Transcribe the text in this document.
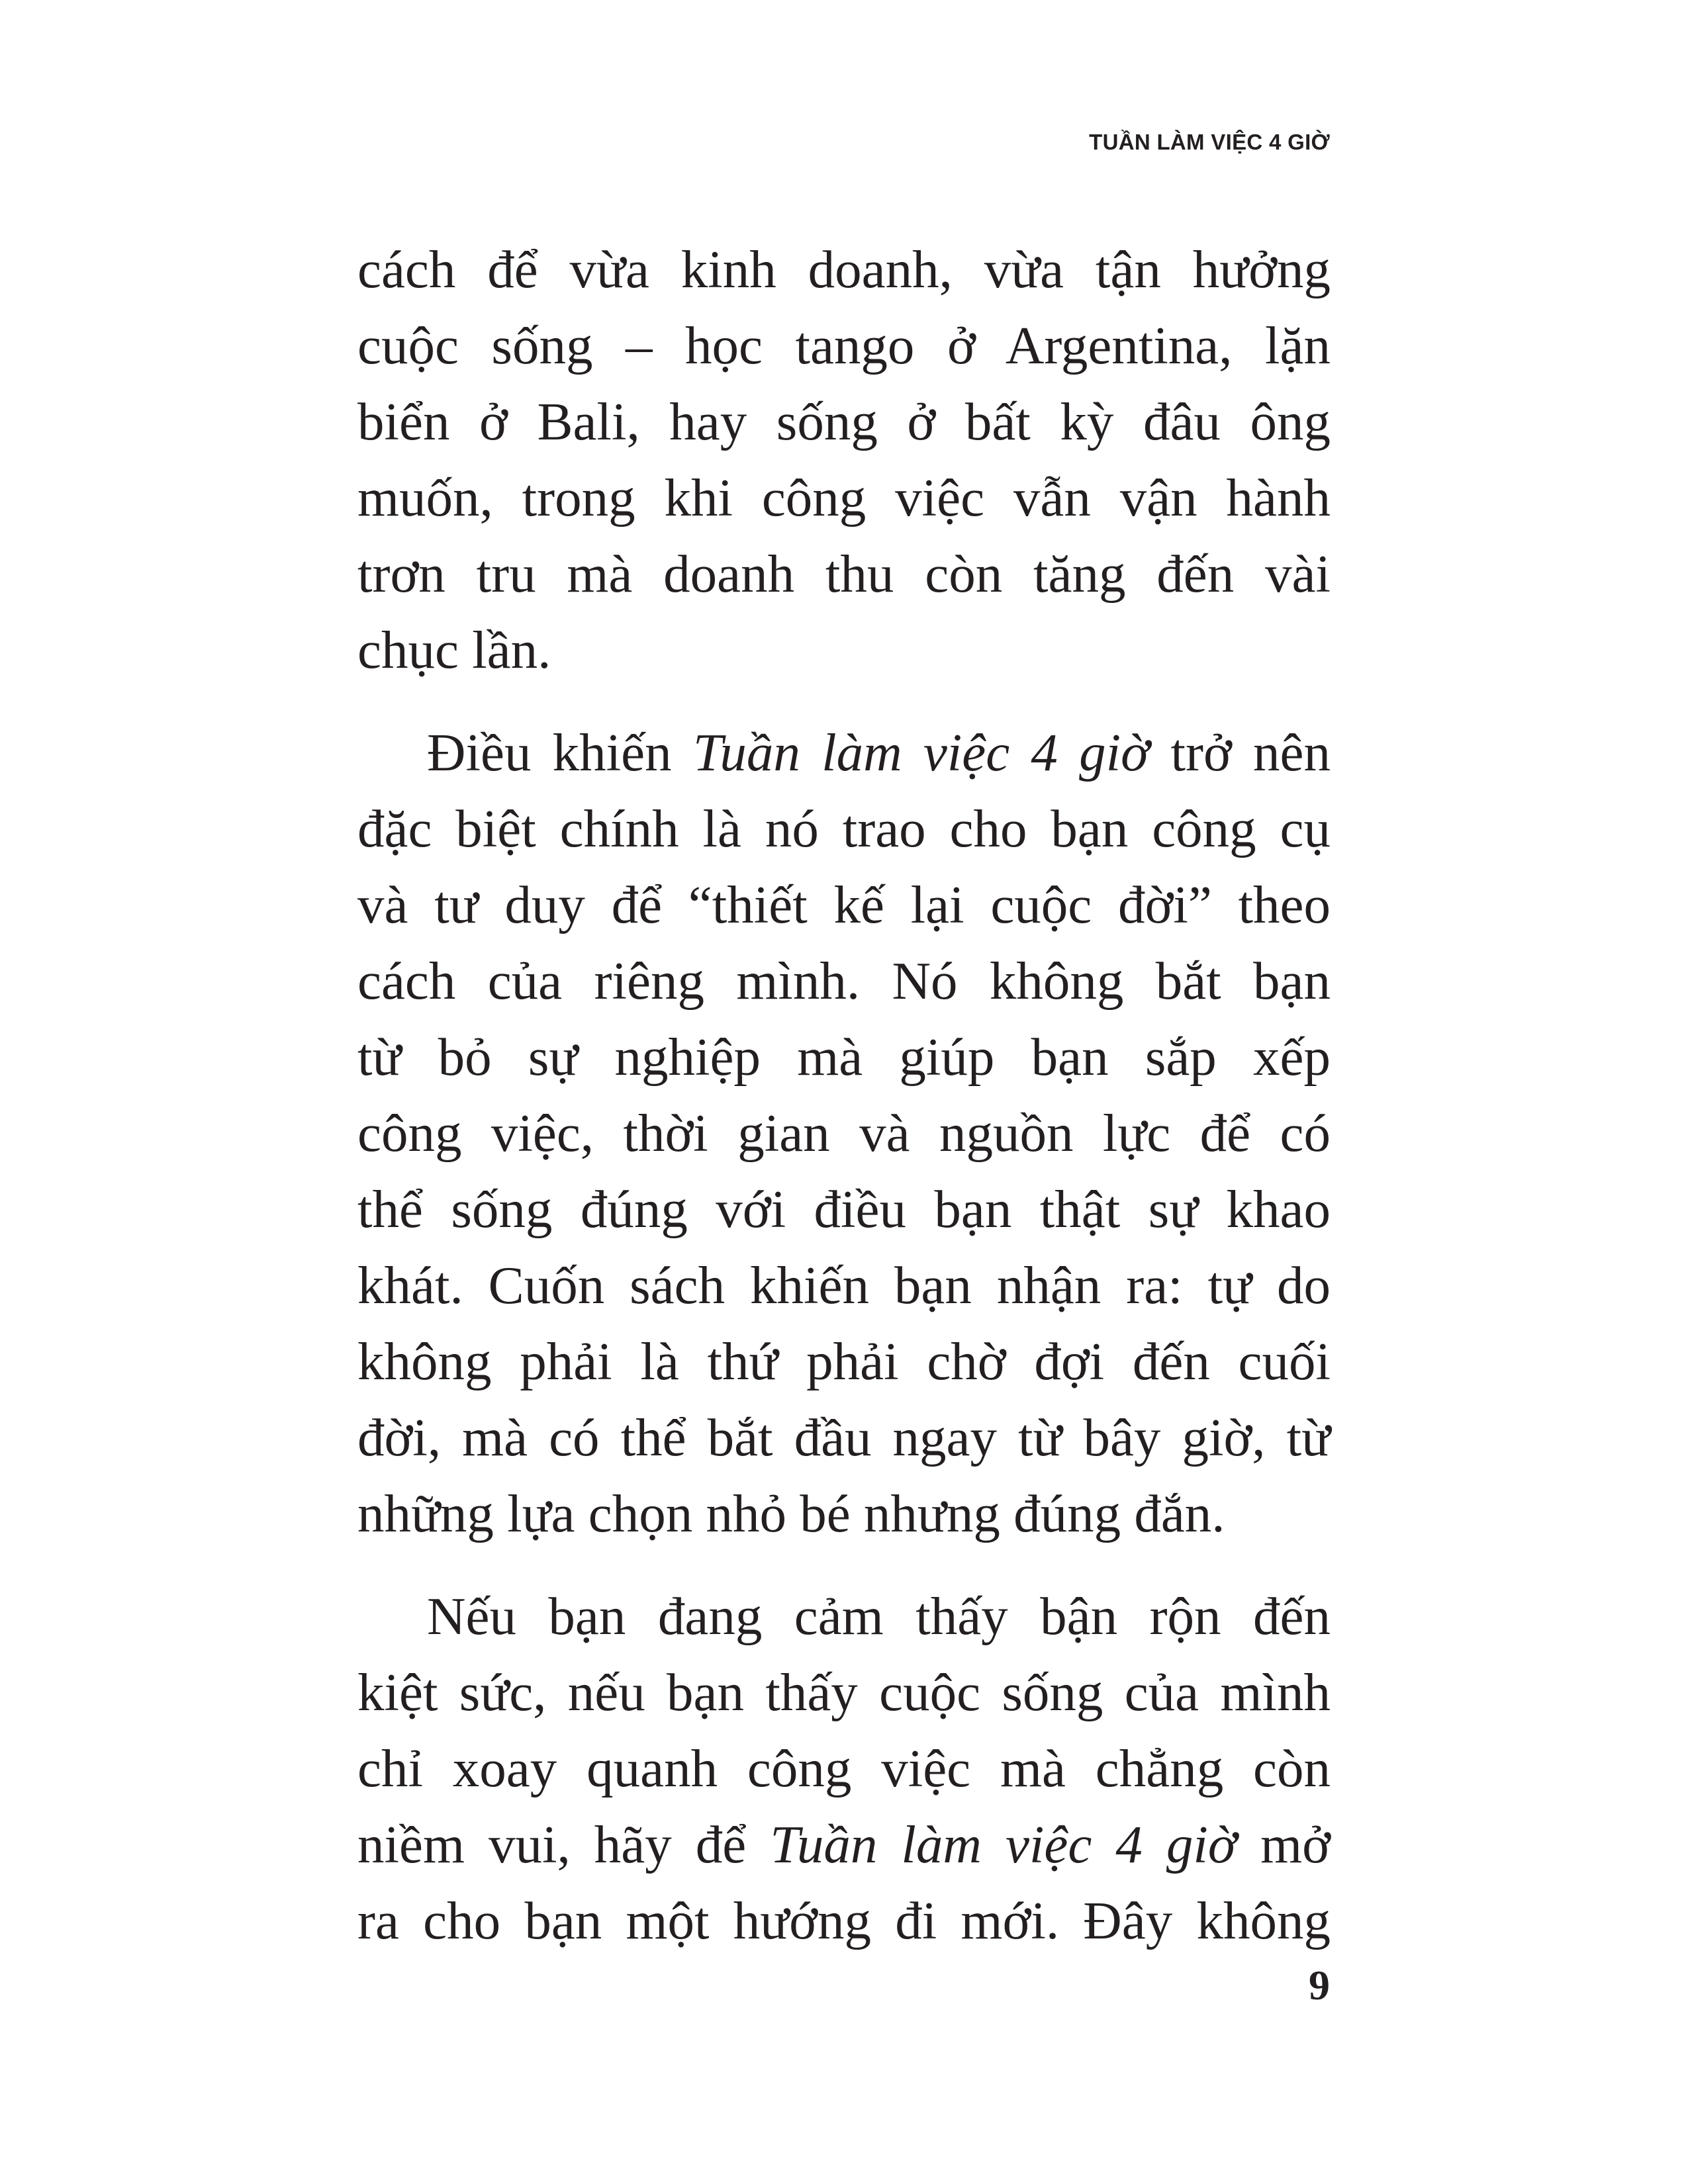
TUẦN LÀM VIỆC 4 GIỜ
cách để vừa kinh doanh, vừa tận hưởng
cuộc sống – học tango ở Argentina, lặn
biển ở Bali, hay sống ở bất kỳ đâu ông
muốn, trong khi công việc vẫn vận hành
trơn tru mà doanh thu còn tăng đến vài
chục lần.
Điều khiến Tuần làm việc 4 giờ trở nên
đặc biệt chính là nó trao cho bạn công cụ
và tư duy để “thiết kế lại cuộc đời” theo
cách của riêng mình. Nó không bắt bạn
từ bỏ sự nghiệp mà giúp bạn sắp xếp
công việc, thời gian và nguồn lực để có
thể sống đúng với điều bạn thật sự khao
khát. Cuốn sách khiến bạn nhận ra: tự do
không phải là thứ phải chờ đợi đến cuối
đời, mà có thể bắt đầu ngay từ bây giờ, từ
những lựa chọn nhỏ bé nhưng đúng đắn.
Nếu bạn đang cảm thấy bận rộn đến
kiệt sức, nếu bạn thấy cuộc sống của mình
chỉ xoay quanh công việc mà chẳng còn
niềm vui, hãy để Tuần làm việc 4 giờ mở
ra cho bạn một hướng đi mới. Đây không
9
